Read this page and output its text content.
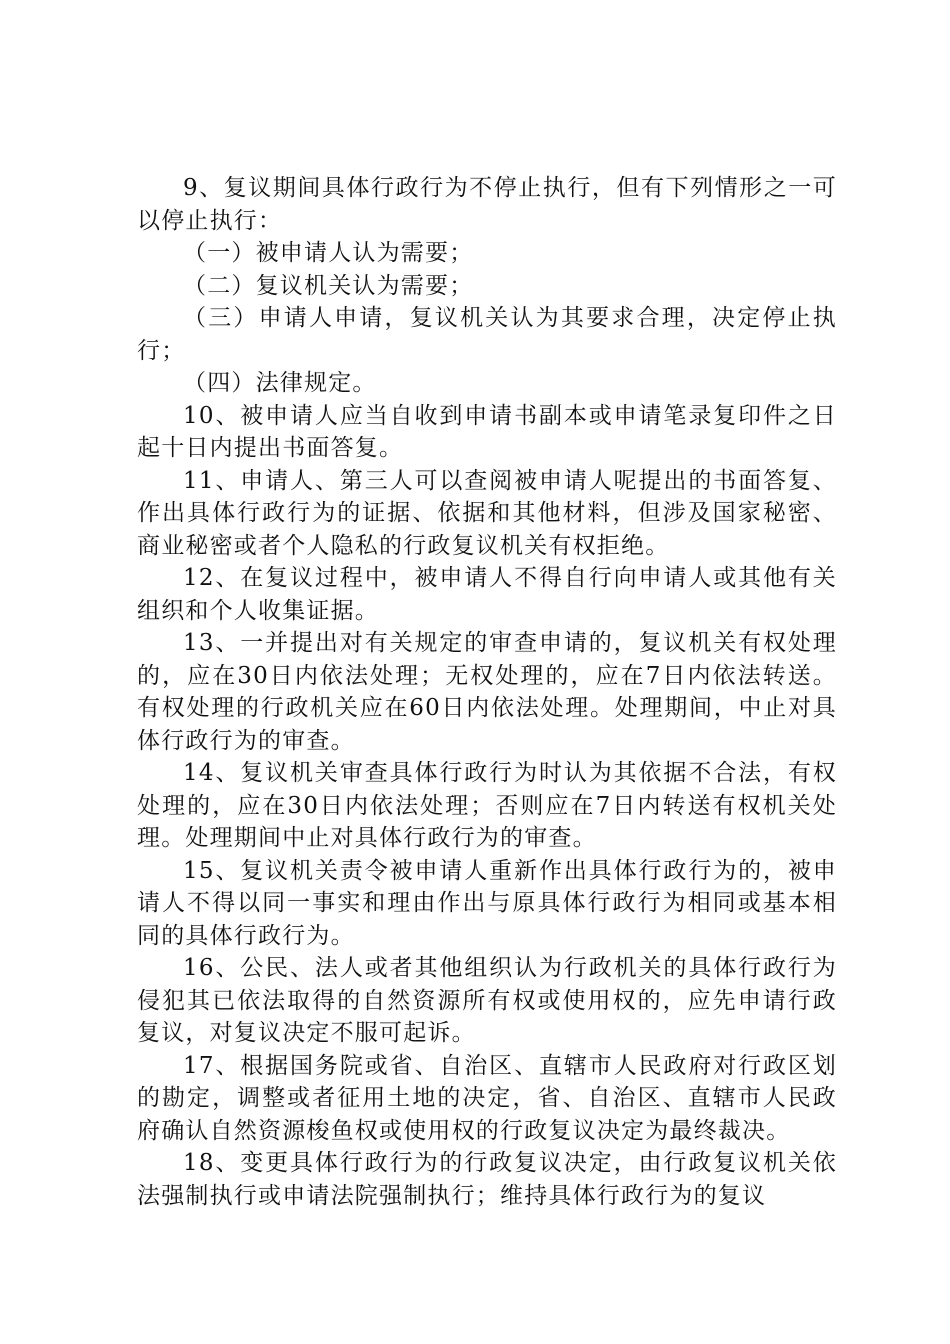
9、复议期间具体行政行为不停止执行，但有下列情形之一可以停止执行：

（一）被申请人认为需要；

（二）复议机关认为需要；

（三）申请人申请，复议机关认为其要求合理，决定停止执行；

（四）法律规定。

10、被申请人应当自收到申请书副本或申请笔录复印件之日起十日内提出书面答复。

11、申请人、第三人可以查阅被申请人呢提出的书面答复、作出具体行政行为的证据、依据和其他材料，但涉及国家秘密、商业秘密或者个人隐私的行政复议机关有权拒绝。

12、在复议过程中，被申请人不得自行向申请人或其他有关组织和个人收集证据。

13、一并提出对有关规定的审查申请的，复议机关有权处理的，应在30日内依法处理；无权处理的，应在7日内依法转送。有权处理的行政机关应在60日内依法处理。处理期间，中止对具体行政行为的审查。

14、复议机关审查具体行政行为时认为其依据不合法，有权处理的，应在30日内依法处理；否则应在7日内转送有权机关处理。处理期间中止对具体行政行为的审查。

15、复议机关责令被申请人重新作出具体行政行为的，被申请人不得以同一事实和理由作出与原具体行政行为相同或基本相同的具体行政行为。

16、公民、法人或者其他组织认为行政机关的具体行政行为侵犯其已依法取得的自然资源所有权或使用权的，应先申请行政复议，对复议决定不服可起诉。

17、根据国务院或省、自治区、直辖市人民政府对行政区划的勘定，调整或者征用土地的决定，省、自治区、直辖市人民政府确认自然资源梭鱼权或使用权的行政复议决定为最终裁决。

18、变更具体行政行为的行政复议决定，由行政复议机关依法强制执行或申请法院强制执行；维持具体行政行为的复议
